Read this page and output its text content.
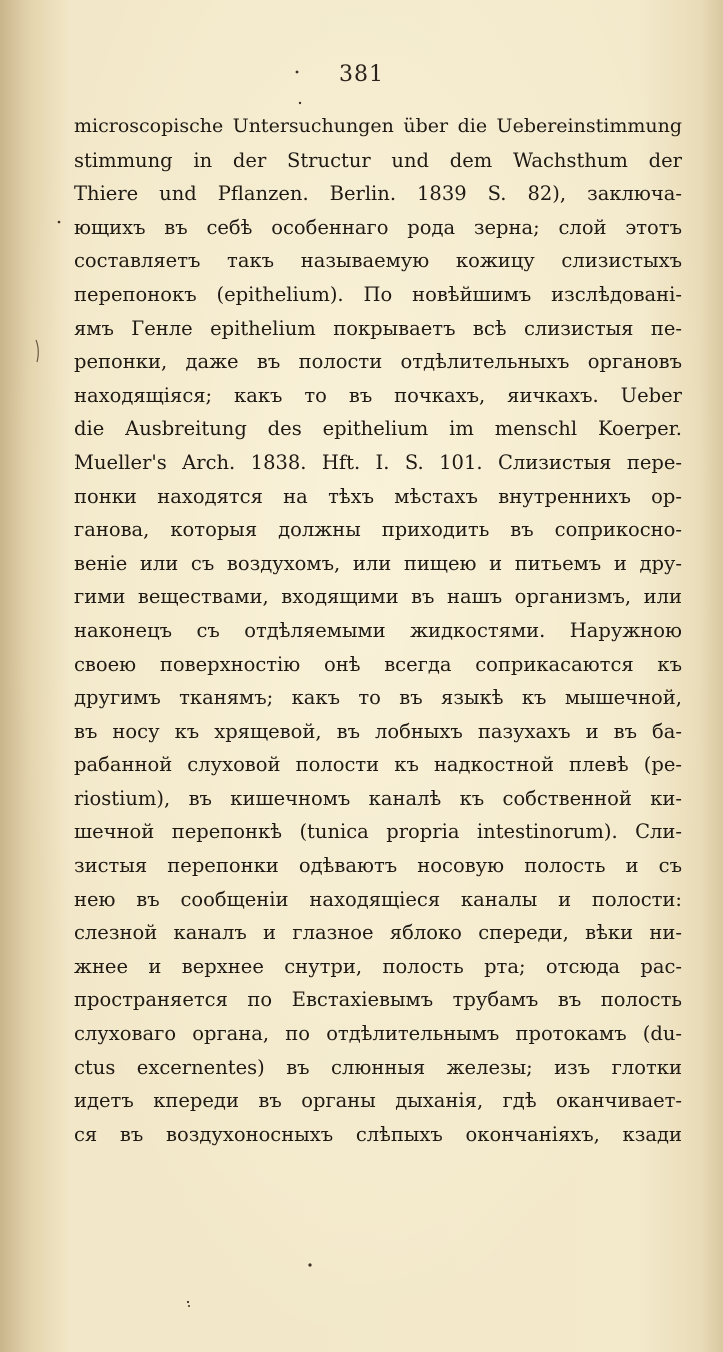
381
microscopische Untersuchungen über die Uebereinstimmung
stimmung in der Structur und dem Wachsthum der
Thiere und Pflanzen. Berlin. 1839 S. 82), заключа-
ющихъ въ себѣ особеннаго рода зерна; слой этотъ
составляетъ такъ называемую кожицу слизистыхъ
перепонокъ (epithelium). По новѣйшимъ изслѣдовані-
ямъ Генле epithelium покрываетъ всѣ слизистыя пе-
репонки, даже въ полости отдѣлительныхъ органовъ
находящіяся; какъ то въ почкахъ, яичкахъ. Ueber
die Ausbreitung des epithelium im menschl Koerper.
Mueller's Arch. 1838. Hft. I. S. 101. Слизистыя пере-
понки находятся на тѣхъ мѣстахъ внутреннихъ ор-
ганова, которыя должны приходить въ соприкосно-
веніе или съ воздухомъ, или пищею и питьемъ и дру-
гими веществами, входящими въ нашъ организмъ, или
наконецъ съ отдѣляемыми жидкостями. Наружною
своею поверхностію онѣ всегда соприкасаются къ
другимъ тканямъ; какъ то въ языкѣ къ мышечной,
въ носу къ хрящевой, въ лобныхъ пазухахъ и въ ба-
рабанной слуховой полости къ надкостной плевѣ (pe-
riostium), въ кишечномъ каналѣ къ собственной ки-
шечной перепонкѣ (tunica propria intestinorum). Сли-
зистыя перепонки одѣваютъ носовую полость и съ
нею въ сообщеніи находящіеся каналы и полости:
слезной каналъ и глазное яблоко спереди, вѣки ни-
жнее и верхнее снутри, полость рта; отсюда рас-
пространяется по Евстахіевымъ трубамъ въ полость
слуховаго органа, по отдѣлительнымъ протокамъ (du-
ctus excernentes) въ слюнныя железы; изъ глотки
идетъ кпереди въ органы дыханія, гдѣ оканчивает-
ся въ воздухоносныхъ слѣпыхъ окончаніяхъ, кзади
